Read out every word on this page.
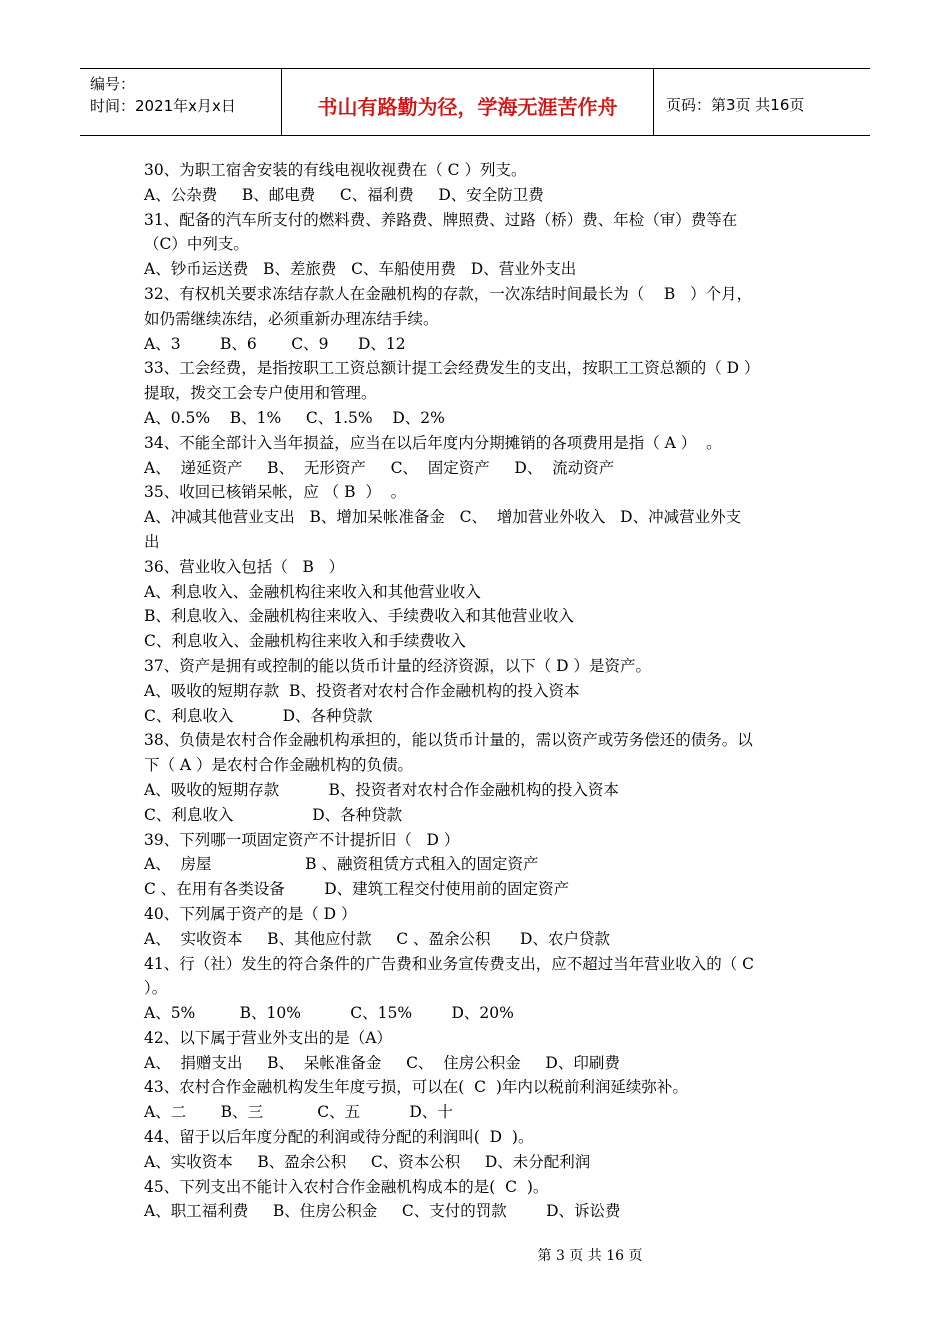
编号：
时间：2021年x月x日	书山有路勤为径，学海无涯苦作舟	页码：第3页 共16页
30、为职工宿舍安装的有线电视收视费在（ C ）列支。
A、公杂费     B、邮电费     C、福利费     D、安全防卫费
31、配备的汽车所支付的燃料费、养路费、牌照费、过路（桥）费、年检（审）费等在
（C）中列支。
A、钞币运送费   B、差旅费   C、车船使用费   D、营业外支出
32、有权机关要求冻结存款人在金融机构的存款，一次冻结时间最长为（    B   ）个月，
如仍需继续冻结，必须重新办理冻结手续。
A、3        B、6       C、9      D、12
33、工会经费，是指按职工工资总额计提工会经费发生的支出，按职工工资总额的（ D ）
提取，拨交工会专户使用和管理。
A、0.5%    B、1%     C、1.5%    D、2%
34、不能全部计入当年损益，应当在以后年度内分期摊销的各项费用是指（ A ）  。
A、  递延资产     B、  无形资产     C、  固定资产     D、  流动资产
35、收回已核销呆帐，应 （ B  ）  。
A、冲减其他营业支出   B、增加呆帐准备金   C、  增加营业外收入   D、冲减营业外支
出
36、营业收入包括（   B   ）
A、利息收入、金融机构往来收入和其他营业收入
B、利息收入、金融机构往来收入、手续费收入和其他营业收入
C、利息收入、金融机构往来收入和手续费收入
37、资产是拥有或控制的能以货币计量的经济资源，以下（ D ）是资产。
A、吸收的短期存款  B、投资者对农村合作金融机构的投入资本
C、利息收入          D、各种贷款
38、负债是农村合作金融机构承担的，能以货币计量的，需以资产或劳务偿还的债务。以
下（ A ）是农村合作金融机构的负债。
A、吸收的短期存款          B、投资者对农村合作金融机构的投入资本
C、利息收入                D、各种贷款
39、下列哪一项固定资产不计提折旧（   D ）
A、  房屋                   B 、融资租赁方式租入的固定资产
C 、在用有各类设备        D、建筑工程交付使用前的固定资产
40、下列属于资产的是（ D ）
A、  实收资本     B、其他应付款     C 、盈余公积      D、农户贷款
41、行（社）发生的符合条件的广告费和业务宣传费支出，应不超过当年营业收入的（ C
）。
A、5%         B、10%          C、15%        D、20%
42、以下属于营业外支出的是（A）
A、  捐赠支出     B、  呆帐准备金     C、  住房公积金     D、印刷费
43、农村合作金融机构发生年度亏损，可以在(  C  )年内以税前利润延续弥补。
A、二       B、三           C、五          D、十
44、留于以后年度分配的利润或待分配的利润叫(  D  )。
A、实收资本     B、盈余公积     C、资本公积     D、未分配利润
45、下列支出不能计入农村合作金融机构成本的是(  C  )。
A、职工福利费     B、住房公积金     C、支付的罚款        D、诉讼费
第 3 页 共 16 页
